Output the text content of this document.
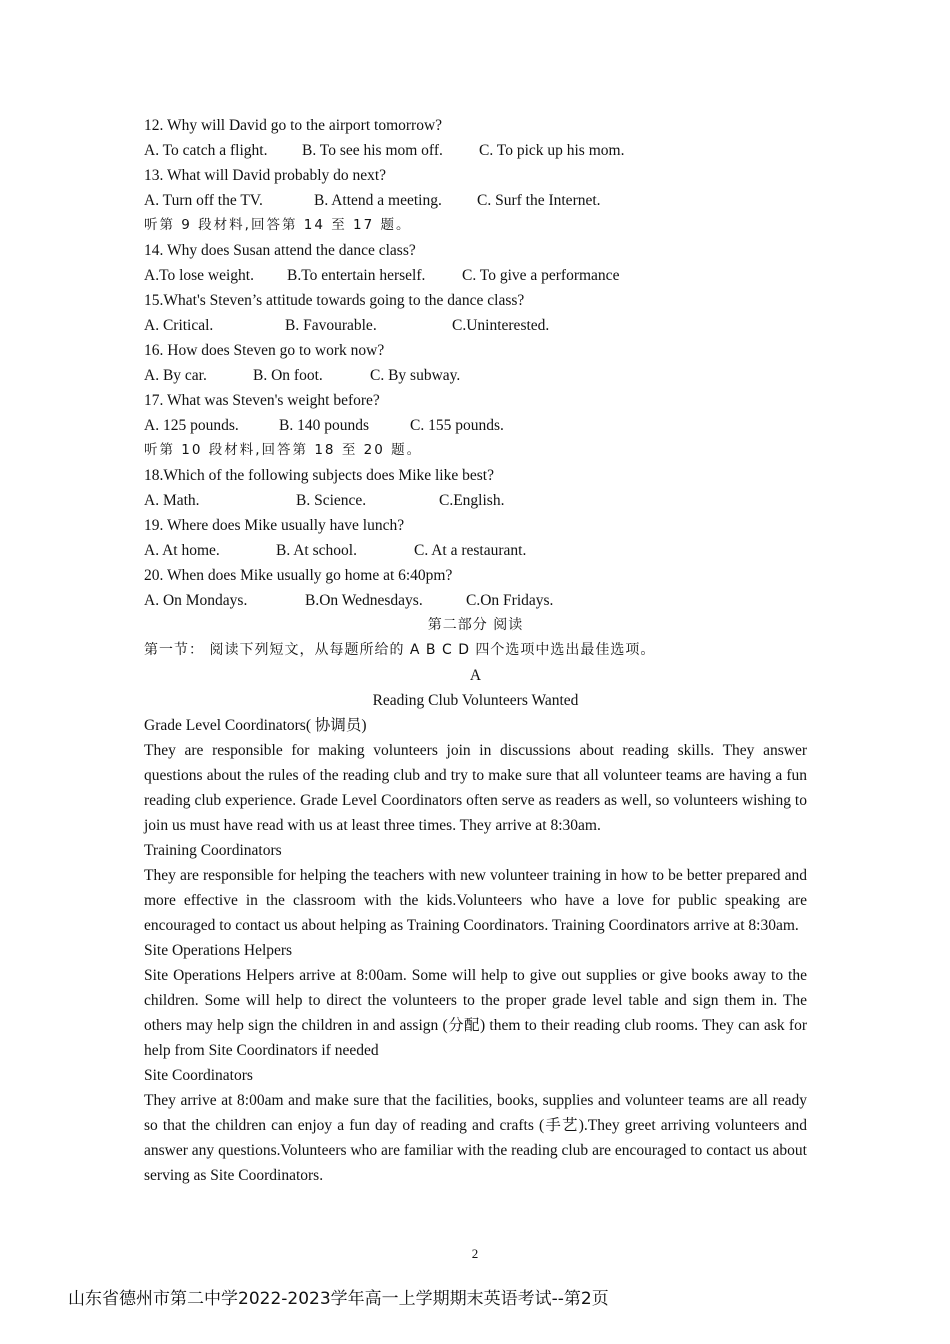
12. Why will David go to the airport tomorrow?
A. To catch a flight.	B. To see his mom off.	C. To pick up his mom.
13. What will David probably do next?
A. Turn off the TV.	B. Attend a meeting.	C. Surf the Internet.
听第 9 段材料,回答第 14 至 17 题。
14. Why does Susan attend the dance class?
A.To lose weight.	B.To entertain herself.	C. To give a performance
15.What's Steven’s attitude towards going to the dance class?
A. Critical.	B. Favourable.	C.Uninterested.
16. How does Steven go to work now?
A. By car.	B. On foot.	C. By subway.
17. What was Steven's weight before?
A. 125 pounds.	B. 140 pounds	C. 155 pounds.
听第 10 段材料,回答第 18 至 20 题。
18.Which of the following subjects does Mike like best?
A. Math.	B. Science.	C.English.
19. Where does Mike usually have lunch?
A. At home.	B. At school.	C. At a restaurant.
20. When does Mike usually go home at 6:40pm?
A. On Mondays.	B.On Wednesdays.	C.On Fridays.
第二部分 阅读
第一节： 阅读下列短文，从每题所给的 A B C D 四个选项中选出最佳选项。
A
Reading Club Volunteers Wanted
Grade Level Coordinators( 协调员)
They are responsible for making volunteers join in discussions about reading skills. They answer questions about the rules of the reading club and try to make sure that all volunteer teams are having a fun reading club experience. Grade Level Coordinators often serve as readers as well, so volunteers wishing to join us must have read with us at least three times. They arrive at 8:30am.
Training Coordinators
They are responsible for helping the teachers with new volunteer training in how to be better prepared and more effective in the classroom with the kids.Volunteers who have a love for public speaking are encouraged to contact us about helping as Training Coordinators. Training Coordinators arrive at 8:30am.
Site Operations Helpers
Site Operations Helpers arrive at 8:00am. Some will help to give out supplies or give books away to the children. Some will help to direct the volunteers to the proper grade level table and sign them in. The others may help sign the children in and assign (分配) them to their reading club rooms. They can ask for help from Site Coordinators if needed
Site Coordinators
They arrive at 8:00am and make sure that the facilities, books, supplies and volunteer teams are all ready so that the children can enjoy a fun day of reading and crafts (手艺).They greet arriving volunteers and answer any questions.Volunteers who are familiar with the reading club are encouraged to contact us about serving as Site Coordinators.
2
山东省德州市第二中学2022-2023学年高一上学期期末英语考试--第2页
